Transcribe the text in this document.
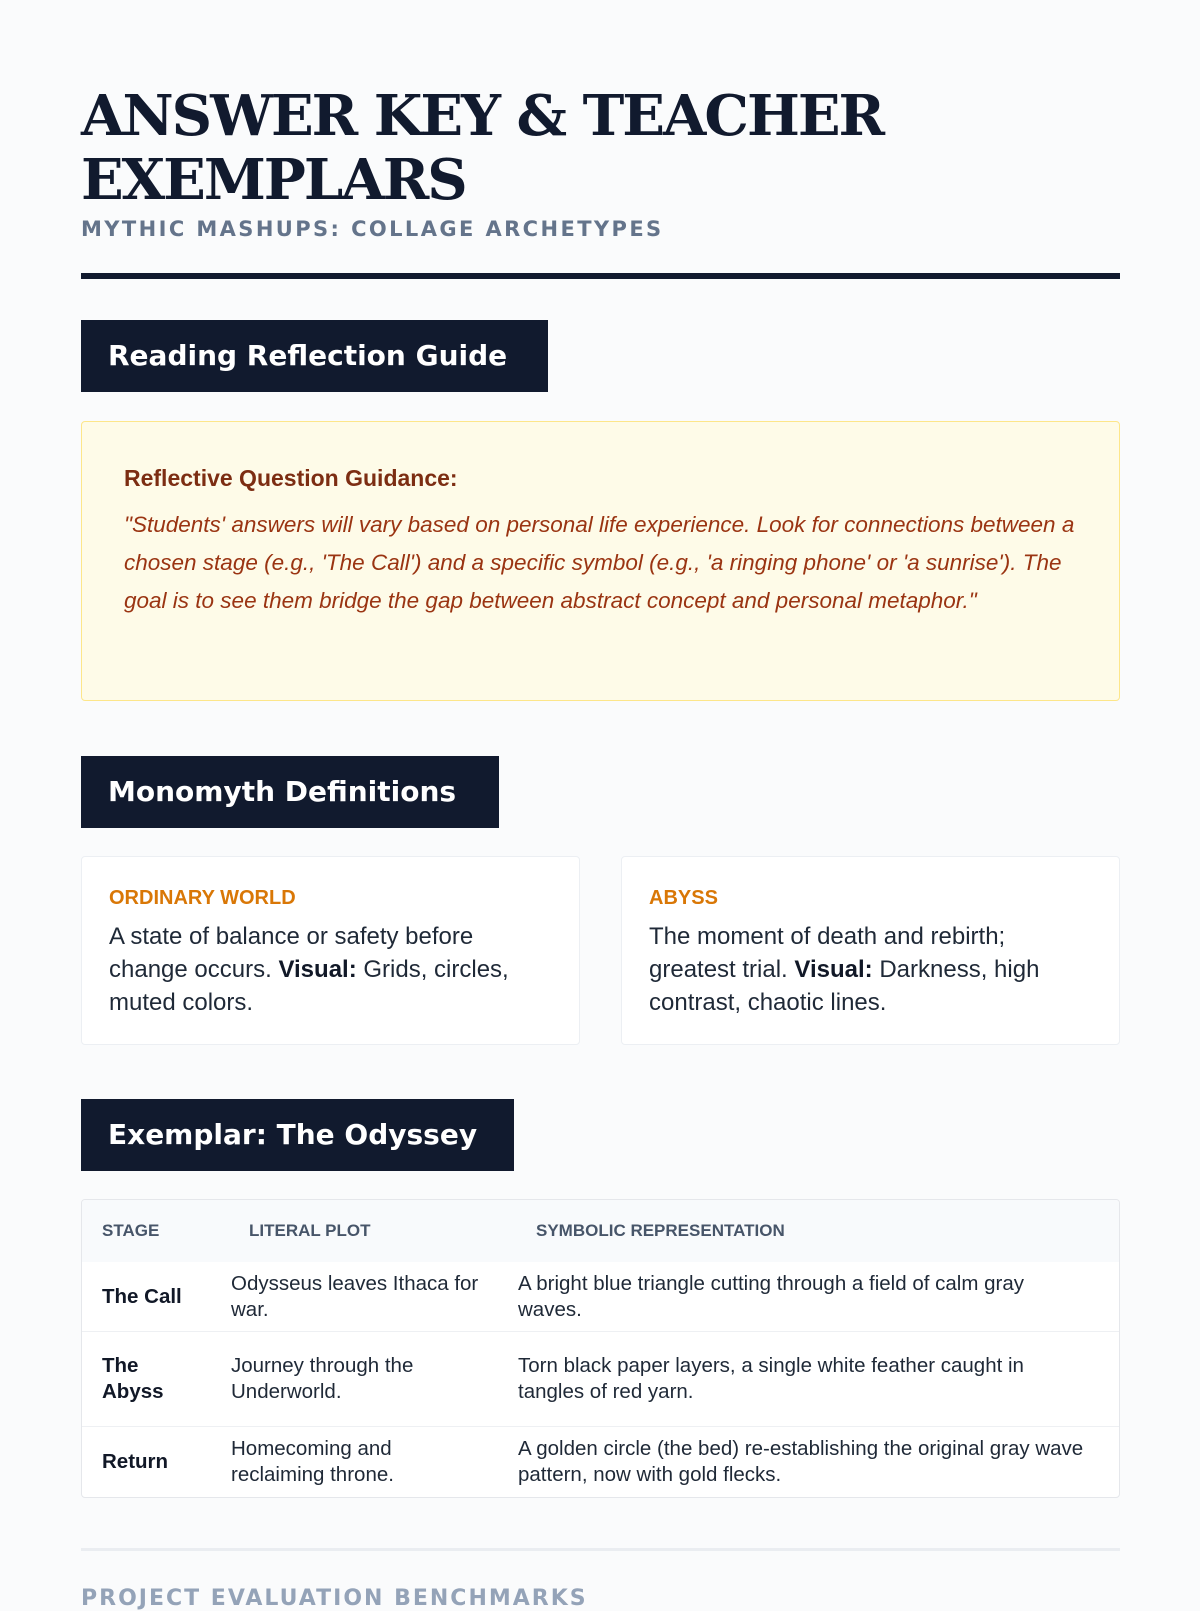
ANSWER KEY & TEACHER EXEMPLARS
MYTHIC MASHUPS: COLLAGE ARCHETYPES
Reading Reflection Guide
Reflective Question Guidance:

"Students' answers will vary based on personal life experience. Look for connections between a chosen stage (e.g., 'The Call') and a specific symbol (e.g., 'a ringing phone' or 'a sunrise'). The goal is to see them bridge the gap between abstract concept and personal metaphor."

Monomyth Definitions
ORDINARY WORLD

A state of balance or safety before change occurs. Visual: Grids, circles, muted colors.

ABYSS

The moment of death and rebirth; greatest trial. Visual: Darkness, high contrast, chaotic lines.

Exemplar: The Odyssey
STAGE	LITERAL PLOT	SYMBOLIC REPRESENTATION
The Call	Odysseus leaves Ithaca for war.	A bright blue triangle cutting through a field of calm gray waves.
The Abyss	Journey through the Underworld.	Torn black paper layers, a single white feather caught in tangles of red yarn.
Return	Homecoming and reclaiming throne.	A golden circle (the bed) re-establishing the original gray wave pattern, now with gold flecks.
PROJECT EVALUATION BENCHMARKS
